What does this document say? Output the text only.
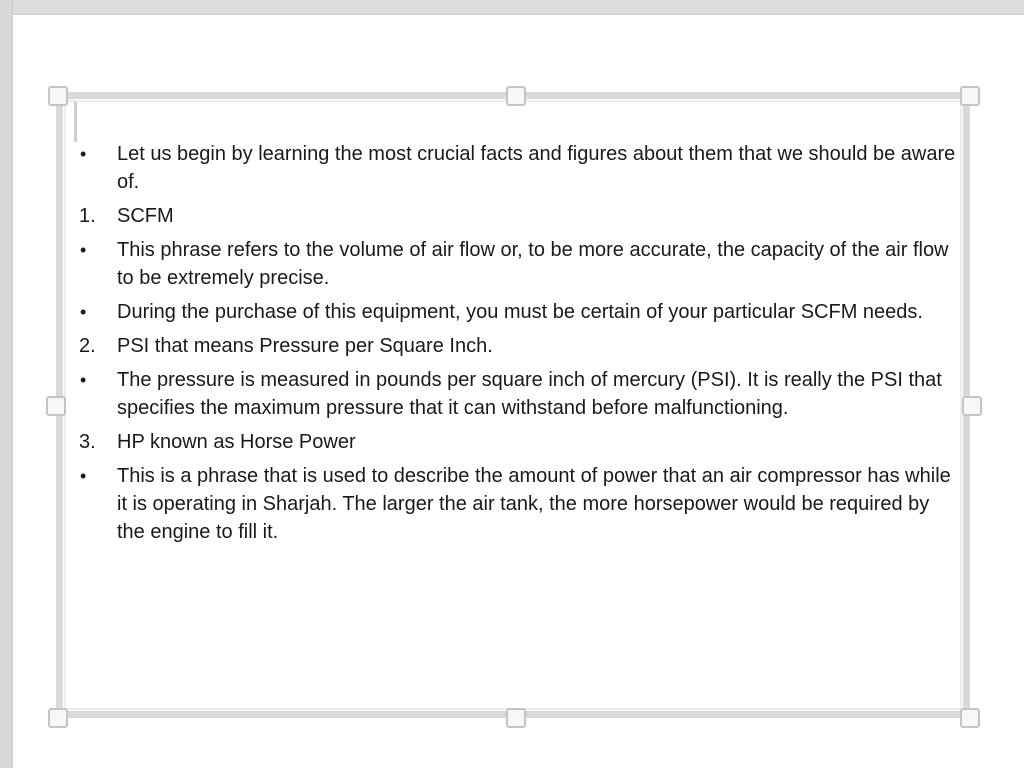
•	Let us begin by learning the most crucial facts and figures about them that we should be aware of.
1.	SCFM
•	This phrase refers to the volume of air flow or, to be more accurate, the capacity of the air flow to be extremely precise.
•	During the purchase of this equipment, you must be certain of your particular SCFM needs.
2.	PSI that means Pressure per Square Inch.
•	The pressure is measured in pounds per square inch of mercury (PSI). It is really the PSI that specifies the maximum pressure that it can withstand before malfunctioning.
3.	HP known as Horse Power
•	This is a phrase that is used to describe the amount of power that an air compressor has while it is operating in Sharjah. The larger the air tank, the more horsepower would be required by the engine to fill it.
